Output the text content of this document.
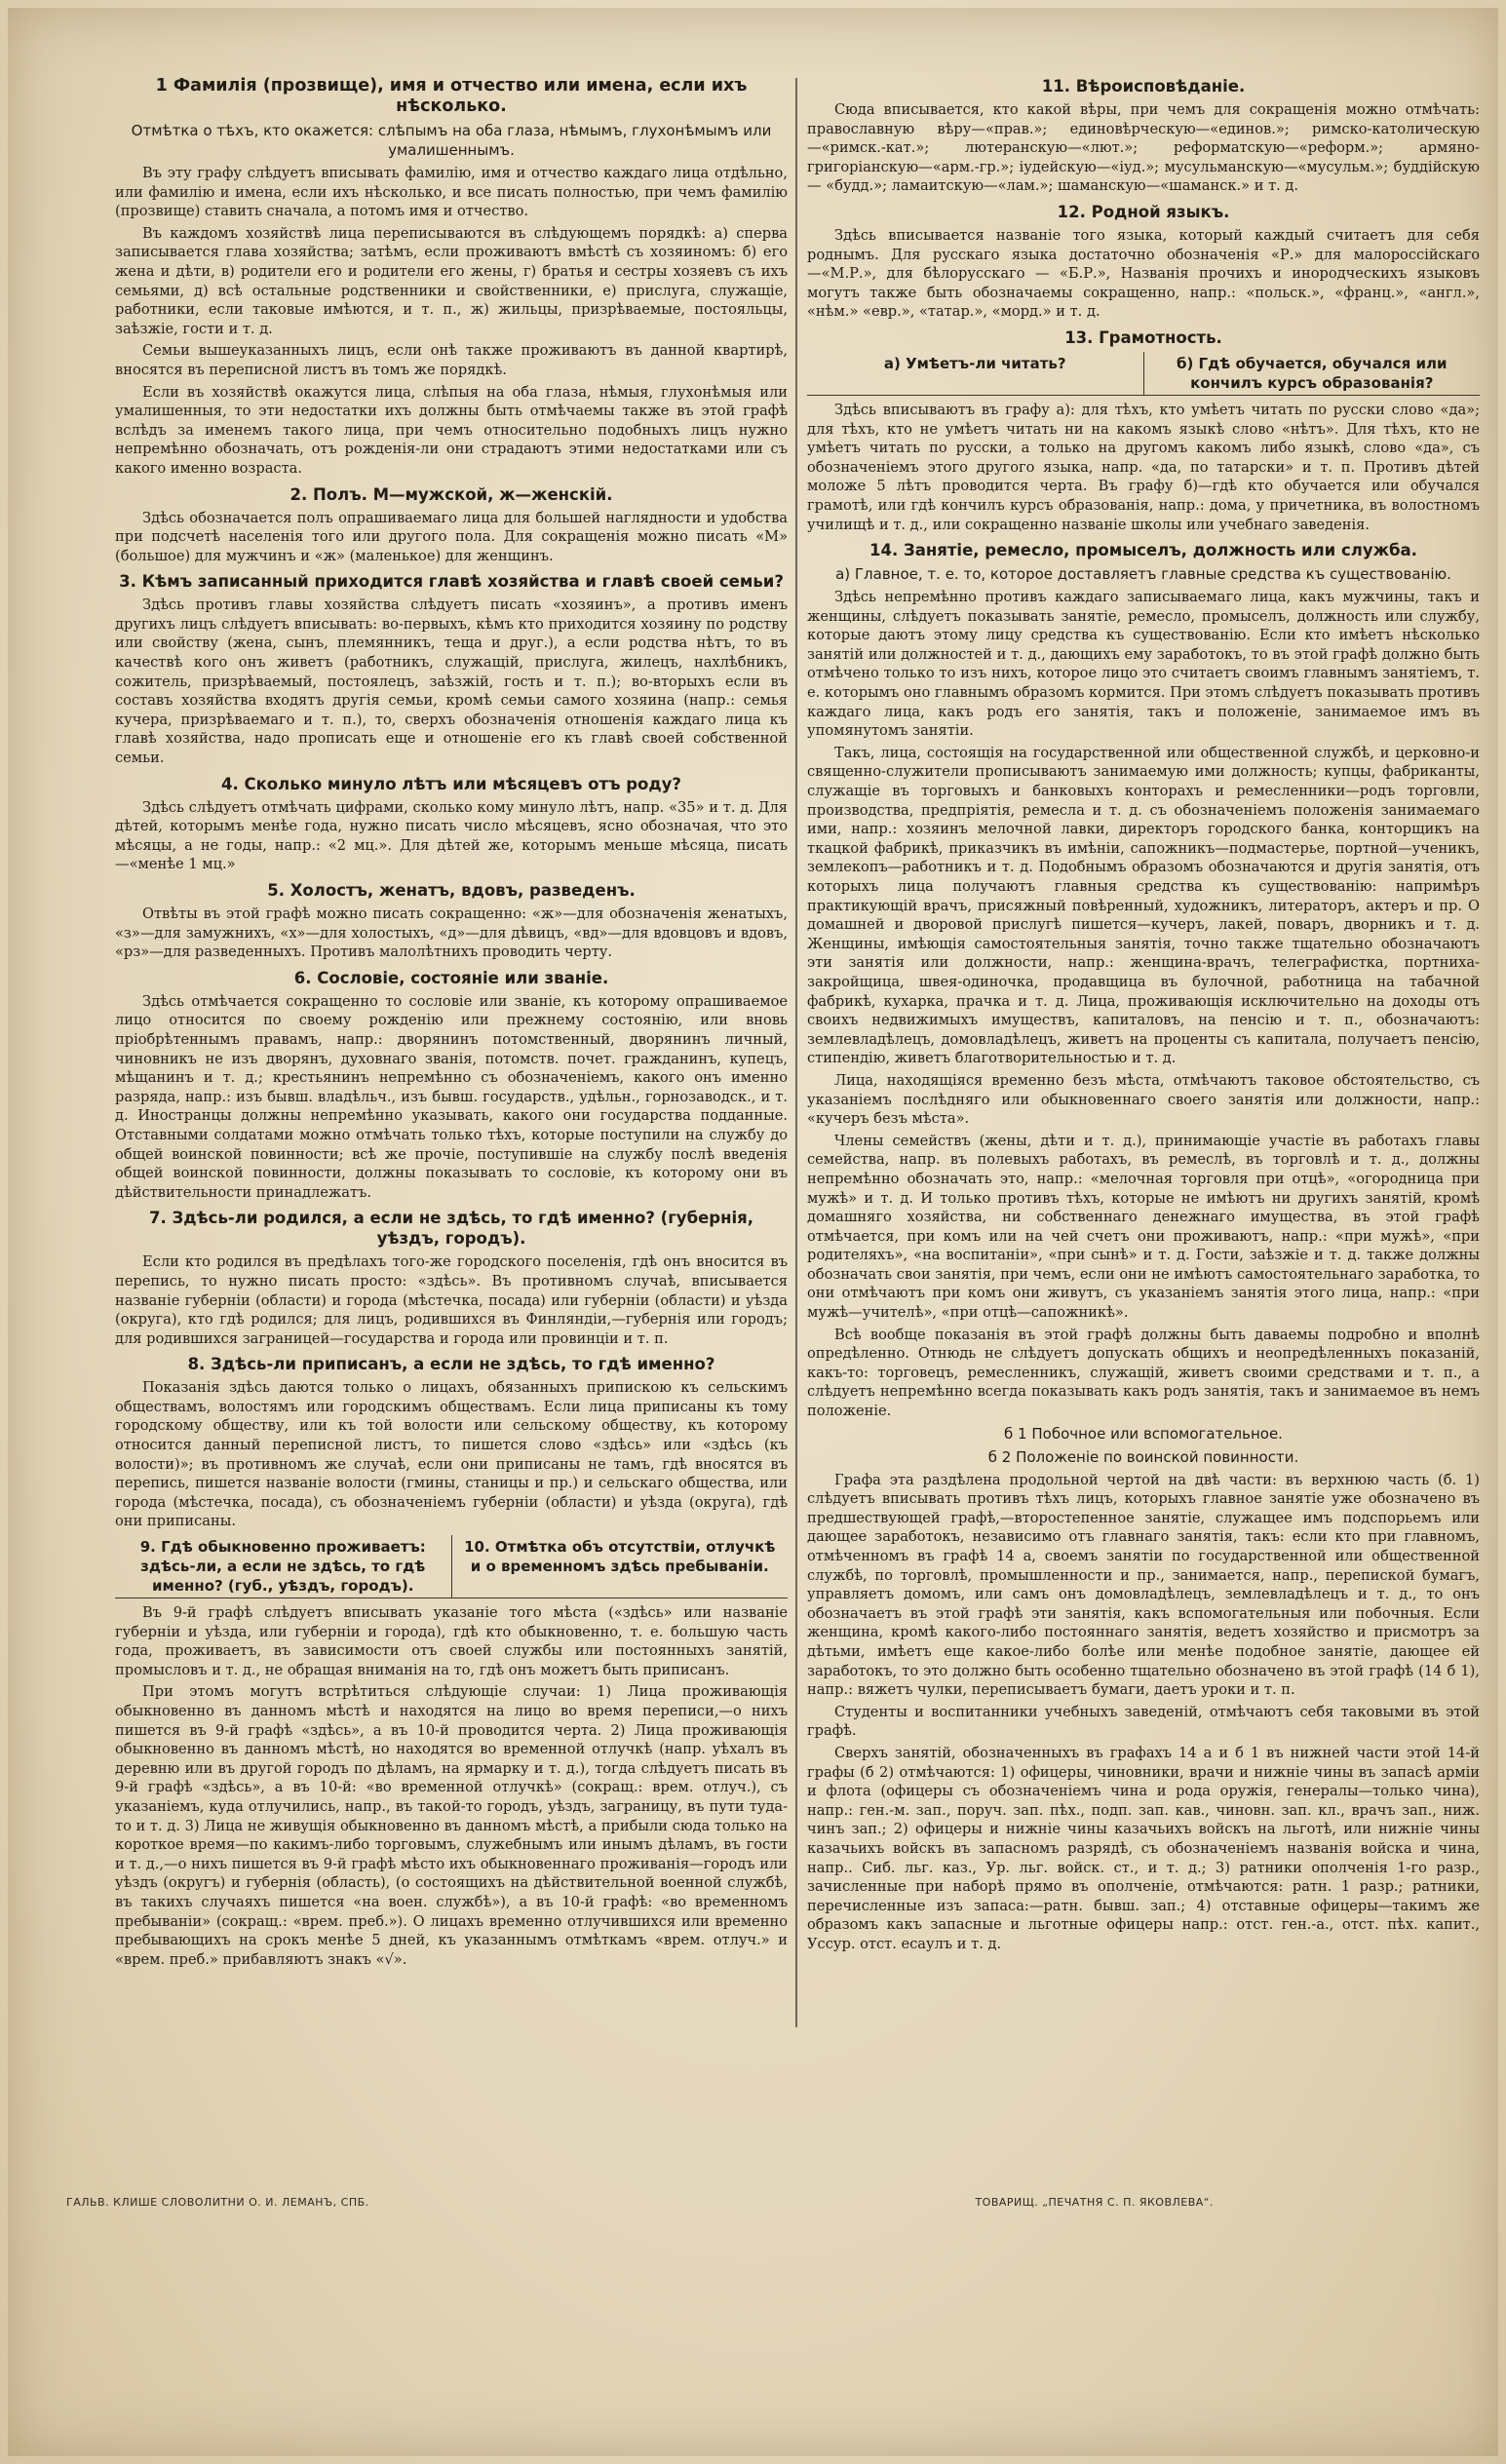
1 Фамилія (прозвище), имя и отчество или имена, если ихъ нѣсколько.
Отмѣтка о тѣхъ, кто окажется: слѣпымъ на оба глаза, нѣмымъ, глухонѣмымъ или умалишеннымъ.

Въ эту графу слѣдуетъ вписывать фамилію, имя и отчество каждаго лица отдѣльно, или фамилію и имена, если ихъ нѣсколько, и все писать полностью, при чемъ фамилію (прозвище) ставить сначала, а потомъ имя и отчество.

Въ каждомъ хозяйствѣ лица переписываются въ слѣдующемъ порядкѣ: а) сперва записывается глава хозяйства; затѣмъ, если проживаютъ вмѣстѣ съ хозяиномъ: б) его жена и дѣти, в) родители его и родители его жены, г) братья и сестры хозяевъ съ ихъ семьями, д) всѣ остальные родственники и свойственники, е) прислуга, служащіе, работники, если таковые имѣются, и т. п., ж) жильцы, призрѣваемые, постояльцы, заѣзжіе, гости и т. д.

Семьи вышеуказанныхъ лицъ, если онѣ также проживаютъ въ данной квартирѣ, вносятся въ переписной листъ въ томъ же порядкѣ.

Если въ хозяйствѣ окажутся лица, слѣпыя на оба глаза, нѣмыя, глухонѣмыя или умалишенныя, то эти недостатки ихъ должны быть отмѣчаемы также въ этой графѣ вслѣдъ за именемъ такого лица, при чемъ относительно подобныхъ лицъ нужно непремѣнно обозначать, отъ рожденія-ли они страдаютъ этими недостатками или съ какого именно возраста.

2. Полъ. М—мужской, ж—женскій.

Здѣсь обозначается полъ опрашиваемаго лица для большей наглядности и удобства при подсчетѣ населенія того или другого пола. Для сокращенія можно писать «М» (большое) для мужчинъ и «ж» (маленькое) для женщинъ.

3. Кѣмъ записанный приходится главѣ хозяйства и главѣ своей семьи?

Здѣсь противъ главы хозяйства слѣдуетъ писать «хозяинъ», а противъ именъ другихъ лицъ слѣдуетъ вписывать: во-первыхъ, кѣмъ кто приходится хозяину по родству или свойству (жена, сынъ, племянникъ, теща и друг.), а если родства нѣтъ, то въ качествѣ кого онъ живетъ (работникъ, служащій, прислуга, жилецъ, нахлѣбникъ, сожитель, призрѣваемый, постоялецъ, заѣзжій, гость и т. п.); во-вторыхъ если въ составъ хозяйства входятъ другія семьи, кромѣ семьи самого хозяина (напр.: семья кучера, призрѣваемаго и т. п.), то, сверхъ обозначенія отношенія каждаго лица къ главѣ хозяйства, надо прописать еще и отношеніе его къ главѣ своей собственной семьи.

4. Сколько минуло лѣтъ или мѣсяцевъ отъ роду?

Здѣсь слѣдуетъ отмѣчать цифрами, сколько кому минуло лѣтъ, напр. «35» и т. д. Для дѣтей, которымъ менѣе года, нужно писать число мѣсяцевъ, ясно обозначая, что это мѣсяцы, а не годы, напр.: «2 мц.». Для дѣтей же, которымъ меньше мѣсяца, писать—«менѣе 1 мц.»

5. Холостъ, женатъ, вдовъ, разведенъ.

Отвѣты въ этой графѣ можно писать сокращенно: «ж»—для обозначенія женатыхъ, «з»—для замужнихъ, «х»—для холостыхъ, «д»—для дѣвицъ, «вд»—для вдовцовъ и вдовъ, «рз»—для разведенныхъ. Противъ малолѣтнихъ проводить черту.

6. Сословіе, состояніе или званіе.

Здѣсь отмѣчается сокращенно то сословіе или званіе, къ которому опрашиваемое лицо относится по своему рожденію или прежнему состоянію, или вновь пріобрѣтеннымъ правамъ, напр.: дворянинъ потомственный, дворянинъ личный, чиновникъ не изъ дворянъ, духовнаго званія, потомств. почет. гражданинъ, купецъ, мѣщанинъ и т. д.; крестьянинъ непремѣнно съ обозначеніемъ, какого онъ именно разряда, напр.: изъ бывш. владѣльч., изъ бывш. государств., удѣльн., горнозаводск., и т. д. Иностранцы должны непремѣнно указывать, какого они государства подданные. Отставными солдатами можно отмѣчать только тѣхъ, которые поступили на службу до общей воинской повинности; всѣ же прочіе, поступившіе на службу послѣ введенія общей воинской повинности, должны показывать то сословіе, къ которому они въ дѣйствительности принадлежатъ.

7. Здѣсь-ли родился, а если не здѣсь, то гдѣ именно? (губернія, уѣздъ, городъ).

Если кто родился въ предѣлахъ того-же городского поселенія, гдѣ онъ вносится въ перепись, то нужно писать просто: «здѣсь». Въ противномъ случаѣ, вписывается названіе губерніи (области) и города (мѣстечка, посада) или губерніи (области) и уѣзда (округа), кто гдѣ родился; для лицъ, родившихся въ Финляндіи,—губернія или городъ; для родившихся заграницей—государства и города или провинціи и т. п.

8. Здѣсь-ли приписанъ, а если не здѣсь, то гдѣ именно?

Показанія здѣсь даются только о лицахъ, обязанныхъ припискою къ сельскимъ обществамъ, волостямъ или городскимъ обществамъ. Если лица приписаны къ тому городскому обществу, или къ той волости или сельскому обществу, къ которому относится данный переписной листъ, то пишется слово «здѣсь» или «здѣсь (къ волости)»; въ противномъ же случаѣ, если они приписаны не тамъ, гдѣ вносятся въ перепись, пишется названіе волости (гмины, станицы и пр.) и сельскаго общества, или города (мѣстечка, посада), съ обозначеніемъ губерніи (области) и уѣзда (округа), гдѣ они приписаны.

9. Гдѣ обыкновенно проживаетъ: здѣсь-ли, а если не здѣсь, то гдѣ именно? (губ., уѣздъ, городъ).
10. Отмѣтка объ отсутствіи, отлучкѣ и о временномъ здѣсь пребываніи.

Въ 9-й графѣ слѣдуетъ вписывать указаніе того мѣста («здѣсь» или названіе губерніи и уѣзда, или губерніи и города), гдѣ кто обыкновенно, т. е. большую часть года, проживаетъ, въ зависимости отъ своей службы или постоянныхъ занятій, промысловъ и т. д., не обращая вниманія на то, гдѣ онъ можетъ быть приписанъ.

При этомъ могутъ встрѣтиться слѣдующіе случаи: 1) Лица проживающія обыкновенно въ данномъ мѣстѣ и находятся на лицо во время переписи,—о нихъ пишется въ 9-й графѣ «здѣсь», а въ 10-й проводится черта. 2) Лица проживающія обыкновенно въ данномъ мѣстѣ, но находятся во временной отлучкѣ (напр. уѣхалъ въ деревню или въ другой городъ по дѣламъ, на ярмарку и т. д.), тогда слѣдуетъ писать въ 9-й графѣ «здѣсь», а въ 10-й: «во временной отлучкѣ» (сокращ.: врем. отлуч.), съ указаніемъ, куда отлучились, напр., въ такой-то городъ, уѣздъ, заграницу, въ пути туда-то и т. д. 3) Лица не живущія обыкновенно въ данномъ мѣстѣ, а прибыли сюда только на короткое время—по какимъ-либо торговымъ, служебнымъ или инымъ дѣламъ, въ гости и т. д.,—о нихъ пишется въ 9-й графѣ мѣсто ихъ обыкновеннаго проживанія—городъ или уѣздъ (округъ) и губернія (область), (о состоящихъ на дѣйствительной военной службѣ, въ такихъ случаяхъ пишется «на воен. службѣ»), а въ 10-й графѣ: «во временномъ пребываніи» (сокращ.: «врем. преб.»). О лицахъ временно отлучившихся или временно пребывающихъ на срокъ менѣе 5 дней, къ указаннымъ отмѣткамъ «врем. отлуч.» и «врем. преб.» прибавляютъ знакъ «√».

11. Вѣроисповѣданіе.

Сюда вписывается, кто какой вѣры, при чемъ для сокращенія можно отмѣчать: православную вѣру—«прав.»; единовѣрческую—«единов.»; римско-католическую—«римск.-кат.»; лютеранскую—«лют.»; реформатскую—«реформ.»; армяно-григоріанскую—«арм.-гр.»; іудейскую—«іуд.»; мусульманскую—«мусульм.»; буддійскую — «будд.»; ламаитскую—«лам.»; шаманскую—«шаманск.» и т. д.

12. Родной языкъ.

Здѣсь вписывается названіе того языка, который каждый считаетъ для себя роднымъ. Для русскаго языка достаточно обозначенія «Р.» для малороссійскаго—«М.Р.», для бѣлорусскаго — «Б.Р.», Названія прочихъ и инородческихъ языковъ могутъ также быть обозначаемы сокращенно, напр.: «польск.», «франц.», «англ.», «нѣм.» «евр.», «татар.», «морд.» и т. д.

13. Грамотность.
а) Умѣетъ-ли читать?	б) Гдѣ обучается, обучался или кончилъ курсъ образованія?

Здѣсь вписываютъ въ графу а): для тѣхъ, кто умѣетъ читать по русски слово «да»; для тѣхъ, кто не умѣетъ читать ни на какомъ языкѣ слово «нѣтъ». Для тѣхъ, кто не умѣетъ читать по русски, а только на другомъ какомъ либо языкѣ, слово «да», съ обозначеніемъ этого другого языка, напр. «да, по татарски» и т. п. Противъ дѣтей моложе 5 лѣтъ проводится черта. Въ графу б)—гдѣ кто обучается или обучался грамотѣ, или гдѣ кончилъ курсъ образованія, напр.: дома, у причетника, въ волостномъ училищѣ и т. д., или сокращенно названіе школы или учебнаго заведенія.

14. Занятіе, ремесло, промыселъ, должность или служба.
а) Главное, т. е. то, которое доставляетъ главные средства къ существованію.

Здѣсь непремѣнно противъ каждаго записываемаго лица, какъ мужчины, такъ и женщины, слѣдуетъ показывать занятіе, ремесло, промыселъ, должность или службу, которые даютъ этому лицу средства къ существованію. Если кто имѣетъ нѣсколько занятій или должностей и т. д., дающихъ ему заработокъ, то въ этой графѣ должно быть отмѣчено только то изъ нихъ, которое лицо это считаетъ своимъ главнымъ занятіемъ, т. е. которымъ оно главнымъ образомъ кормится. При этомъ слѣдуетъ показывать противъ каждаго лица, какъ родъ его занятія, такъ и положеніе, занимаемое имъ въ упомянутомъ занятіи.

Такъ, лица, состоящія на государственной или общественной службѣ, и церковно-и священно-служители прописываютъ занимаемую ими должность; купцы, фабриканты, служащіе въ торговыхъ и банковыхъ конторахъ и ремесленники—родъ торговли, производства, предпріятія, ремесла и т. д. съ обозначеніемъ положенія занимаемаго ими, напр.: хозяинъ мелочной лавки, директоръ городского банка, конторщикъ на ткацкой фабрикѣ, приказчикъ въ имѣніи, сапожникъ—подмастерье, портной—ученикъ, землекопъ—работникъ и т. д. Подобнымъ образомъ обозначаются и другія занятія, отъ которыхъ лица получаютъ главныя средства къ существованію: напримѣръ практикующій врачъ, присяжный повѣренный, художникъ, литераторъ, актеръ и пр. О домашней и дворовой прислугѣ пишется—кучеръ, лакей, поваръ, дворникъ и т. д. Женщины, имѣющія самостоятельныя занятія, точно также тщательно обозначаютъ эти занятія или должности, напр.: женщина-врачъ, телеграфистка, портниха-закройщица, швея-одиночка, продавщица въ булочной, работница на табачной фабрикѣ, кухарка, прачка и т. д. Лица, проживающія исключительно на доходы отъ своихъ недвижимыхъ имуществъ, капиталовъ, на пенсію и т. п., обозначаютъ: землевладѣлецъ, домовладѣлецъ, живетъ на проценты съ капитала, получаетъ пенсію, стипендію, живетъ благотворительностью и т. д.

Лица, находящіяся временно безъ мѣста, отмѣчаютъ таковое обстоятельство, съ указаніемъ послѣдняго или обыкновеннаго своего занятія или должности, напр.: «кучеръ безъ мѣста».

Члены семействъ (жены, дѣти и т. д.), принимающіе участіе въ работахъ главы семейства, напр. въ полевыхъ работахъ, въ ремеслѣ, въ торговлѣ и т. д., должны непремѣнно обозначать это, напр.: «мелочная торговля при отцѣ», «огородница при мужѣ» и т. д. И только противъ тѣхъ, которые не имѣютъ ни другихъ занятій, кромѣ домашняго хозяйства, ни собственнаго денежнаго имущества, въ этой графѣ отмѣчается, при комъ или на чей счетъ они проживаютъ, напр.: «при мужѣ», «при родителяхъ», «на воспитаніи», «при сынѣ» и т. д. Гости, заѣзжіе и т. д. также должны обозначать свои занятія, при чемъ, если они не имѣютъ самостоятельнаго заработка, то они отмѣчаютъ при комъ они живутъ, съ указаніемъ занятія этого лица, напр.: «при мужѣ—учителѣ», «при отцѣ—сапожникѣ».

Всѣ вообще показанія въ этой графѣ должны быть даваемы подробно и вполнѣ опредѣленно. Отнюдь не слѣдуетъ допускать общихъ и неопредѣленныхъ показаній, какъ-то: торговецъ, ремесленникъ, служащій, живетъ своими средствами и т. п., а слѣдуетъ непремѣнно всегда показывать какъ родъ занятія, такъ и занимаемое въ немъ положеніе.

б 1 Побочное или вспомогательное.
б 2 Положеніе по воинской повинности.

Графа эта раздѣлена продольной чертой на двѣ части: въ верхнюю часть (б. 1) слѣдуетъ вписывать противъ тѣхъ лицъ, которыхъ главное занятіе уже обозначено въ предшествующей графѣ,—второстепенное занятіе, служащее имъ подспорьемъ или дающее заработокъ, независимо отъ главнаго занятія, такъ: если кто при главномъ, отмѣченномъ въ графѣ 14 а, своемъ занятіи по государственной или общественной службѣ, по торговлѣ, промышленности и пр., занимается, напр., перепиской бумагъ, управляетъ домомъ, или самъ онъ домовладѣлецъ, землевладѣлецъ и т. д., то онъ обозначаетъ въ этой графѣ эти занятія, какъ вспомогательныя или побочныя. Если женщина, кромѣ какого-либо постояннаго занятія, ведетъ хозяйство и присмотръ за дѣтьми, имѣетъ еще какое-либо болѣе или менѣе подобное занятіе, дающее ей заработокъ, то это должно быть особенно тщательно обозначено въ этой графѣ (14 б 1), напр.: вяжетъ чулки, переписываетъ бумаги, даетъ уроки и т. п.

Студенты и воспитанники учебныхъ заведеній, отмѣчаютъ себя таковыми въ этой графѣ.

Сверхъ занятій, обозначенныхъ въ графахъ 14 а и б 1 въ нижней части этой 14-й графы (б 2) отмѣчаются: 1) офицеры, чиновники, врачи и нижніе чины въ запасѣ арміи и флота (офицеры съ обозначеніемъ чина и рода оружія, генералы—только чина), напр.: ген.-м. зап., поруч. зап. пѣх., подп. зап. кав., чиновн. зап. кл., врачъ зап., ниж. чинъ зап.; 2) офицеры и нижніе чины казачьихъ войскъ на льготѣ, или нижніе чины казачьихъ войскъ въ запасномъ разрядѣ, съ обозначеніемъ названія войска и чина, напр.. Сиб. льг. каз., Ур. льг. войск. ст., и т. д.; 3) ратники ополченія 1-го разр., зачисленные при наборѣ прямо въ ополченіе, отмѣчаются: ратн. 1 разр.; ратники, перечисленные изъ запаса:—ратн. бывш. зап.; 4) отставные офицеры—такимъ же образомъ какъ запасные и льготные офицеры напр.: отст. ген.-а., отст. пѣх. капит., Уссур. отст. есаулъ и т. д.

ГАЛЬВ. КЛИШЕ СЛОВОЛИТНИ О. И. ЛЕМАНЪ, СПБ.	ТОВАРИЩ. „ПЕЧАТНЯ С. П. ЯКОВЛЕВА“.
